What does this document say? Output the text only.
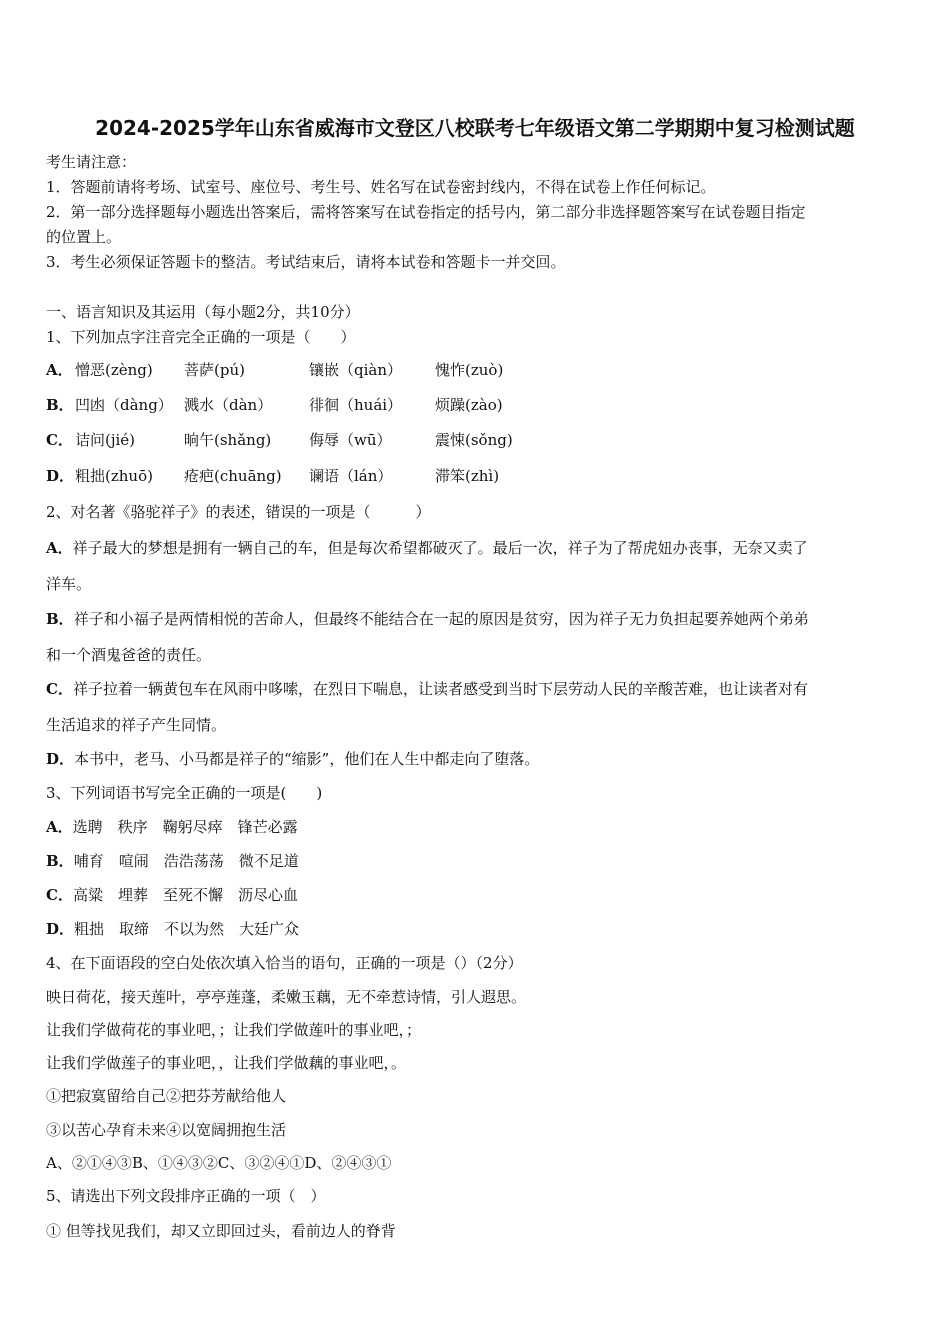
2024-2025学年山东省威海市文登区八校联考七年级语文第二学期期中复习检测试题
考生请注意：
1．答题前请将考场、试室号、座位号、考生号、姓名写在试卷密封线内，不得在试卷上作任何标记。
2．第一部分选择题每小题选出答案后，需将答案写在试卷指定的括号内，第二部分非选择题答案写在试卷题目指定
的位置上。
3．考生必须保证答题卡的整洁。考试结束后，请将本试卷和答题卡一并交回。
一、语言知识及其运用（每小题2分，共10分）
1、下列加点字注音完全正确的一项是（　　）
A． 憎恶(zèng) 菩萨(pú)	镶嵌（qiàn） 愧怍(zuò)
B． 凹凼（dàng） 溅水（dàn） 徘徊（huái） 烦躁(zào)
C． 诘问(jié)	晌午(shǎng)	侮辱（wū）	震悚(sǒng)
D． 粗拙(zhuō) 疮疤(chuāng) 谰语（lán）	滞笨(zhì)
2、对名著《骆驼祥子》的表述，错误的一项是（　　　）
A．祥子最大的梦想是拥有一辆自己的车，但是每次希望都破灭了。最后一次，祥子为了帮虎妞办丧事，无奈又卖了
洋车。
B．祥子和小福子是两情相悦的苦命人，但最终不能结合在一起的原因是贫穷，因为祥子无力负担起要养她两个弟弟
和一个酒鬼爸爸的责任。
C．祥子拉着一辆黄包车在风雨中哆嗦，在烈日下喘息，让读者感受到当时下层劳动人民的辛酸苦难，也让读者对有
生活追求的祥子产生同情。
D．本书中，老马、小马都是祥子的“缩影”，他们在人生中都走向了堕落。
3、下列词语书写完全正确的一项是(　　)
A．选聘　秩序　鞠躬尽瘁　锋芒必露
B．哺育　喧闹　浩浩荡荡　微不足道
C．高粱　埋葬　至死不懈　沥尽心血
D．粗拙　取缔　不以为然　大廷广众
4、在下面语段的空白处依次填入恰当的语句，正确的一项是（）（2分）
映日荷花，接天莲叶，亭亭莲蓬，柔嫩玉藕，无不牵惹诗情，引人遐思。
让我们学做荷花的事业吧，；让我们学做莲叶的事业吧，；
让我们学做莲子的事业吧，，让我们学做藕的事业吧，。
①把寂寞留给自己②把芬芳献给他人
③以苦心孕育未来④以宽阔拥抱生活
A、②①④③B、①④③②C、③②④①D、②④③①
5、请选出下列文段排序正确的一项（　）
① 但等找见我们，却又立即回过头，看前边人的脊背
